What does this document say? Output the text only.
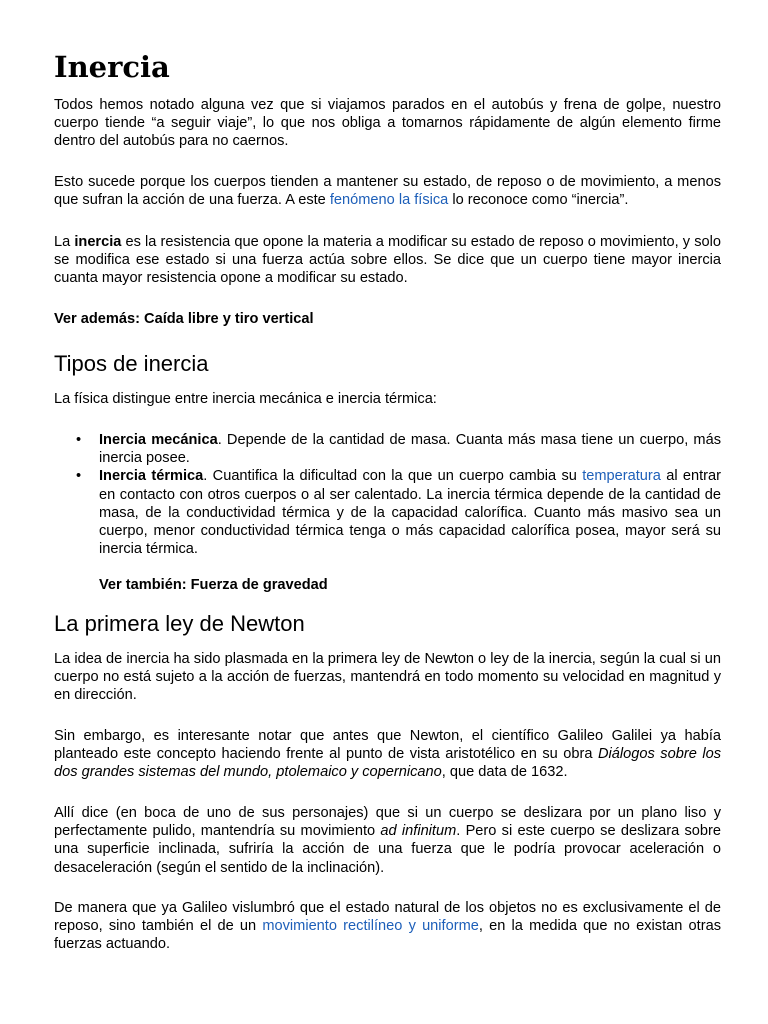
Inercia

Todos hemos notado alguna vez que si viajamos parados en el autobús y frena de golpe, nuestro cuerpo tiende “a seguir viaje”, lo que nos obliga a tomarnos rápidamente de algún elemento firme dentro del autobús para no caernos.

Esto sucede porque los cuerpos tienden a mantener su estado, de reposo o de movimiento, a menos que sufran la acción de una fuerza. A este fenómeno la física lo reconoce como “inercia”.

La inercia es la resistencia que opone la materia a modificar su estado de reposo o movimiento, y solo se modifica ese estado si una fuerza actúa sobre ellos. Se dice que un cuerpo tiene mayor inercia cuanta mayor resistencia opone a modificar su estado.

Ver además: Caída libre y tiro vertical

Tipos de inercia

La física distingue entre inercia mecánica e inercia térmica:

• Inercia mecánica. Depende de la cantidad de masa. Cuanta más masa tiene un cuerpo, más inercia posee.
• Inercia térmica. Cuantifica la dificultad con la que un cuerpo cambia su temperatura al entrar en contacto con otros cuerpos o al ser calentado. La inercia térmica depende de la cantidad de masa, de la conductividad térmica y de la capacidad calorífica. Cuanto más masivo sea un cuerpo, menor conductividad térmica tenga o más capacidad calorífica posea, mayor será su inercia térmica.
Ver también: Fuerza de gravedad
La primera ley de Newton

La idea de inercia ha sido plasmada en la primera ley de Newton o ley de la inercia, según la cual si un cuerpo no está sujeto a la acción de fuerzas, mantendrá en todo momento su velocidad en magnitud y en dirección.

Sin embargo, es interesante notar que antes que Newton, el científico Galileo Galilei ya había planteado este concepto haciendo frente al punto de vista aristotélico en su obra Diálogos sobre los dos grandes sistemas del mundo, ptolemaico y copernicano, que data de 1632.

Allí dice (en boca de uno de sus personajes) que si un cuerpo se deslizara por un plano liso y perfectamente pulido, mantendría su movimiento ad infinitum. Pero si este cuerpo se deslizara sobre una superficie inclinada, sufriría la acción de una fuerza que le podría provocar aceleración o desaceleración (según el sentido de la inclinación).

De manera que ya Galileo vislumbró que el estado natural de los objetos no es exclusivamente el de reposo, sino también el de un movimiento rectilíneo y uniforme, en la medida que no existan otras fuerzas actuando.
